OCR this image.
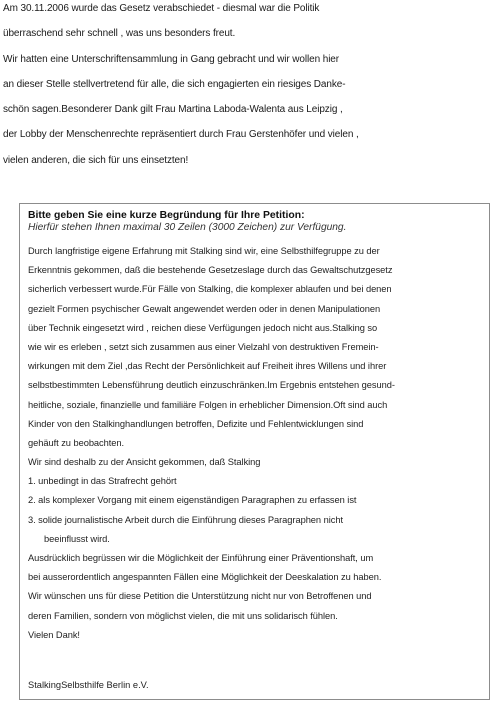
Am 30.11.2006 wurde das Gesetz verabschiedet - diesmal war die Politik
überraschend sehr schnell , was uns besonders freut.
Wir hatten eine Unterschriftensammlung in Gang gebracht und wir wollen hier
an dieser Stelle stellvertretend für alle, die sich engagierten ein riesiges Danke-
schön sagen.Besonderer Dank gilt Frau Martina Laboda-Walenta aus Leipzig ,
der Lobby der Menschenrechte repräsentiert durch Frau Gerstenhöfer und vielen ,
vielen anderen, die sich für uns einsetzten!
Bitte geben Sie eine kurze Begründung für Ihre Petition:
Hierfür stehen Ihnen maximal 30 Zeilen (3000 Zeichen) zur Verfügung.
Durch langfristige eigene Erfahrung mit Stalking sind wir, eine Selbsthilfegruppe zu der
Erkenntnis gekommen, daß die bestehende Gesetzeslage durch das Gewaltschutzgesetz
sicherlich verbessert wurde.Für Fälle von Stalking, die komplexer ablaufen und bei denen
gezielt Formen psychischer Gewalt angewendet werden oder in denen Manipulationen
über Technik eingesetzt wird , reichen diese Verfügungen jedoch nicht aus.Stalking so
wie wir es erleben , setzt sich zusammen aus einer Vielzahl von destruktiven Fremein-
wirkungen mit dem Ziel ,das Recht der Persönlichkeit auf Freiheit ihres Willens und ihrer
selbstbestimmten Lebensführung deutlich einzuschränken.Im Ergebnis entstehen gesund-
heitliche, soziale, finanzielle und familiäre Folgen in erheblicher Dimension.Oft sind auch
Kinder von den Stalkinghandlungen betroffen, Defizite und Fehlentwicklungen sind
gehäuft zu beobachten.
Wir sind deshalb zu der Ansicht gekommen, daß Stalking
1. unbedingt in das Strafrecht gehört
2. als komplexer Vorgang mit einem eigenständigen Paragraphen zu erfassen ist
3. solide journalistische Arbeit durch die Einführung dieses Paragraphen nicht
beeinflusst wird.
Ausdrücklich begrüssen wir die Möglichkeit der Einführung einer Präventionshaft, um
bei ausserordentlich angespannten Fällen eine Möglichkeit der Deeskalation zu haben.
Wir wünschen uns für diese Petition die Unterstützung nicht nur von Betroffenen und
deren Familien, sondern von möglichst vielen, die mit uns solidarisch fühlen.
Vielen Dank!
StalkingSelbsthilfe Berlin e.V.
